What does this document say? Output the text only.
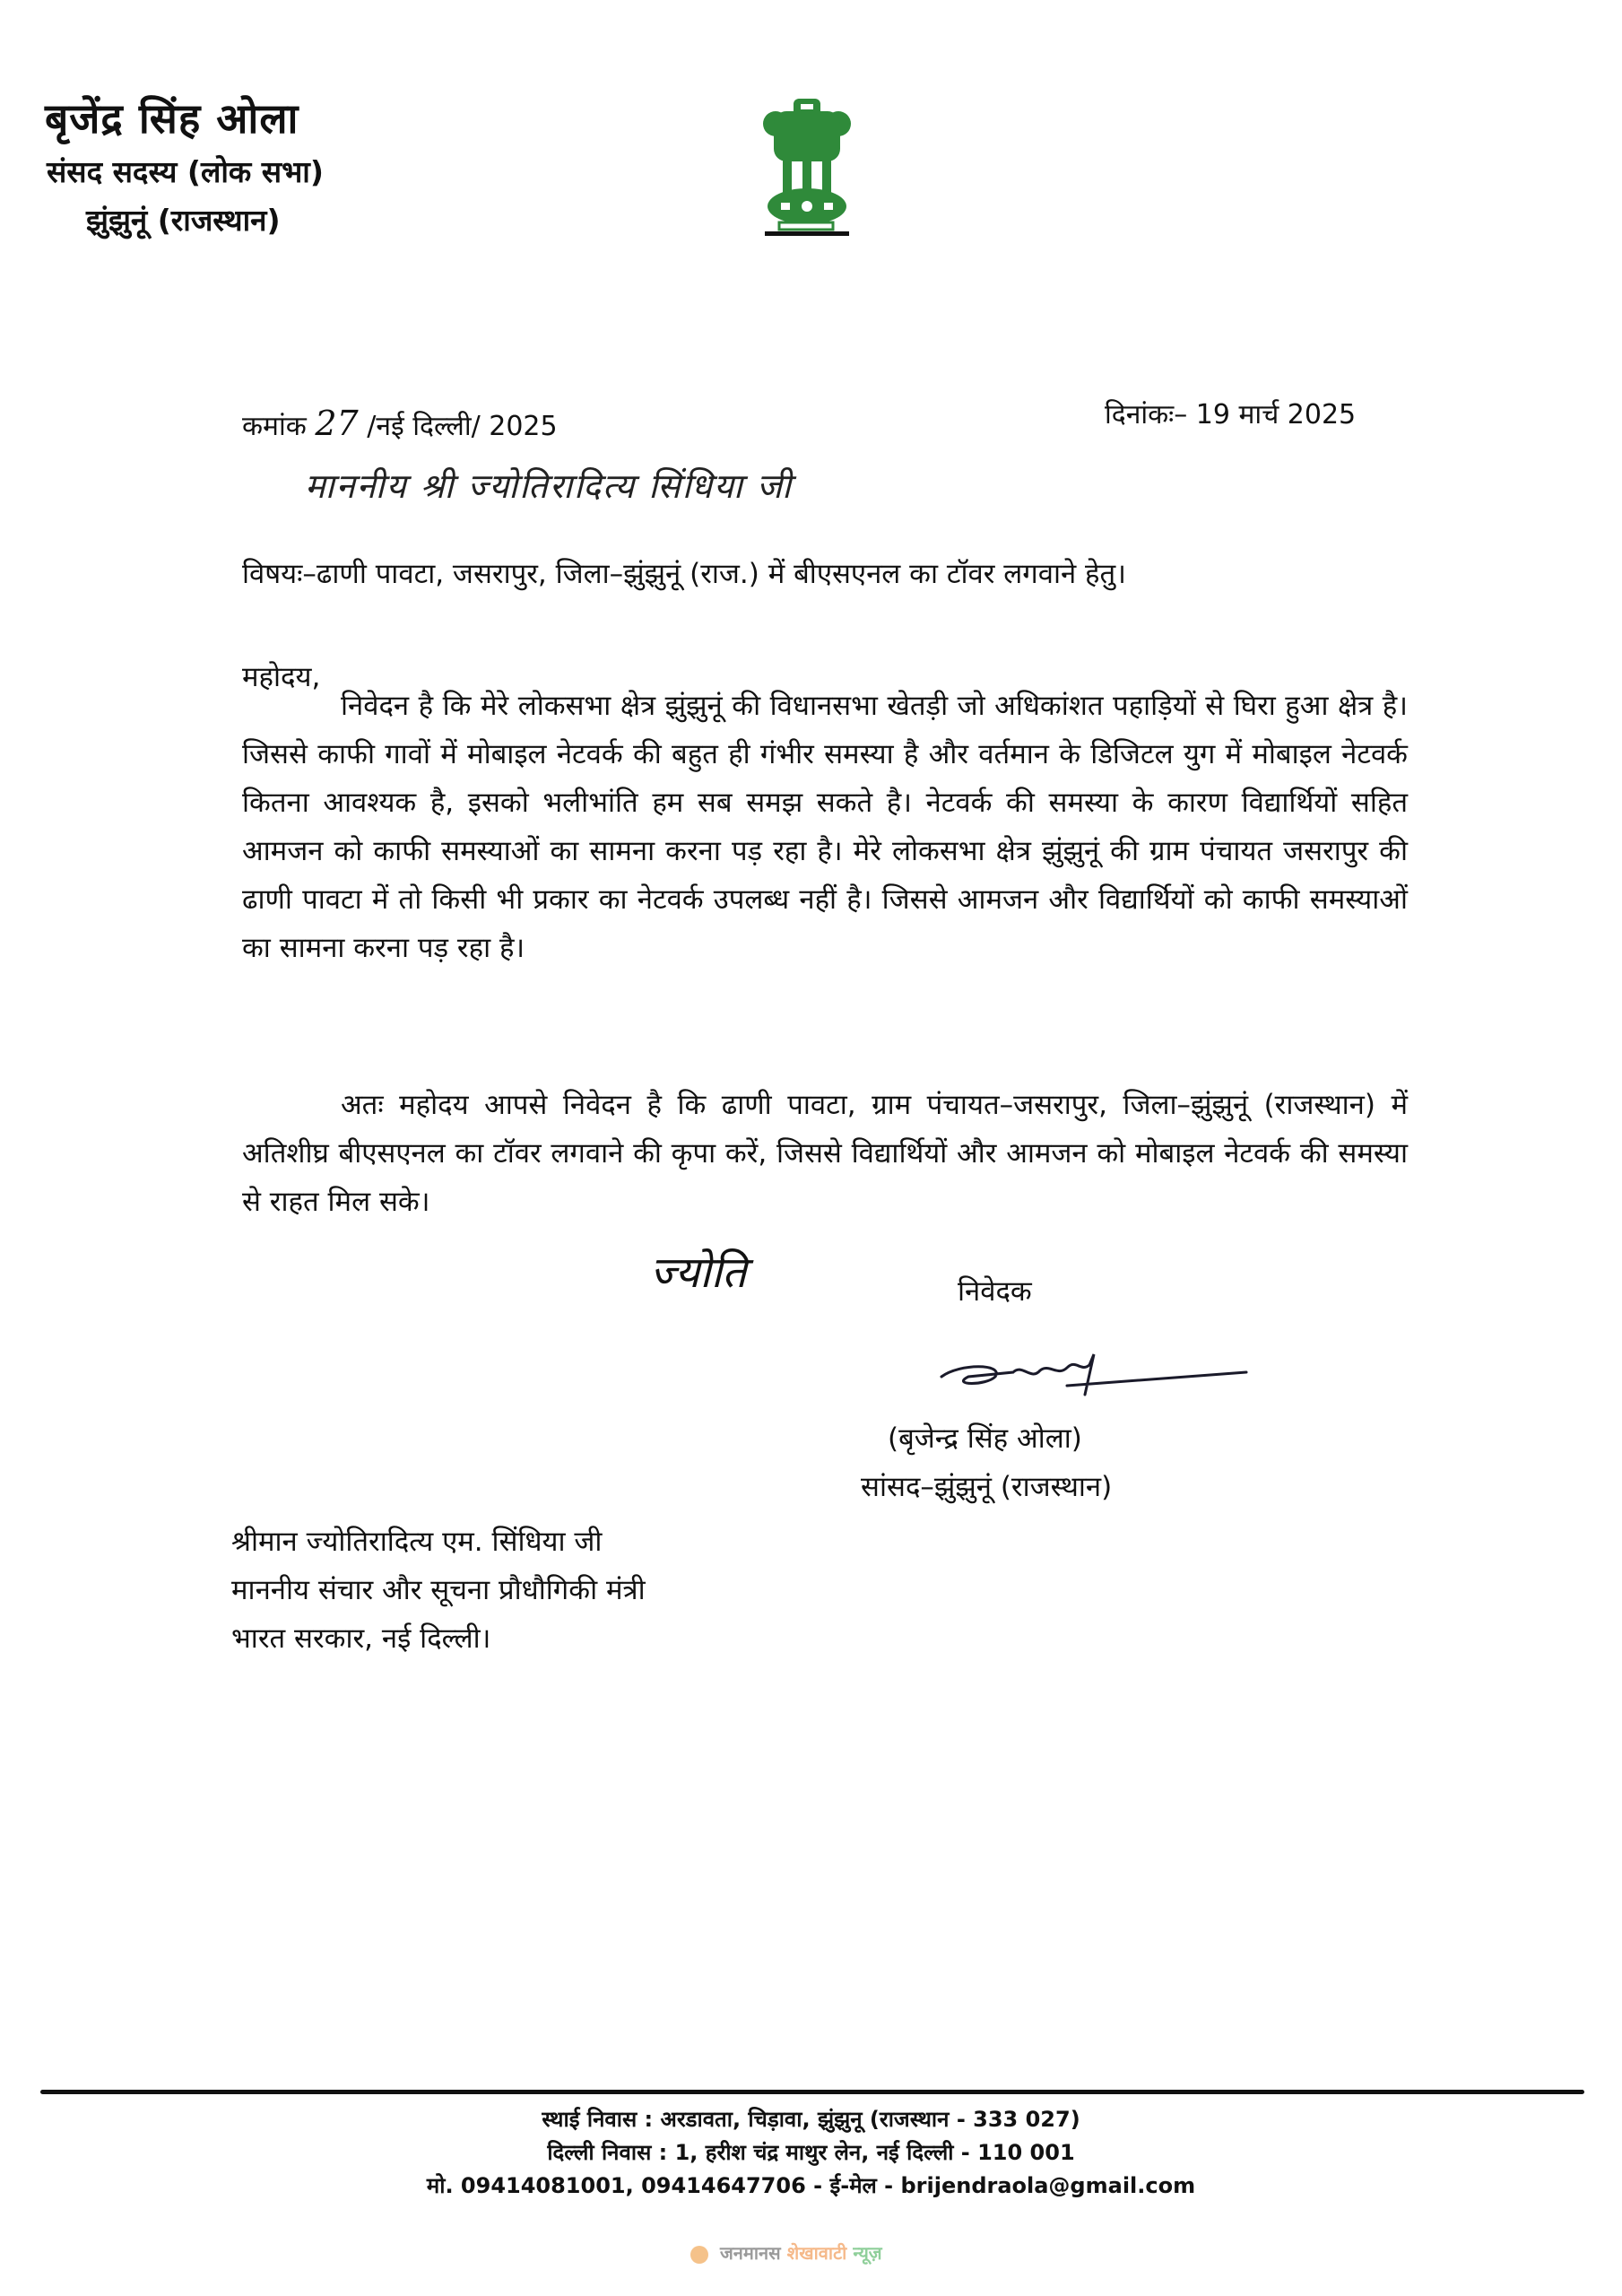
बृजेंद्र सिंह ओला
संसद सदस्य (लोक सभा)
झुंझुनूं (राजस्थान)
कमांक 27 /नई दिल्ली/ 2025	दिनांकः– 19 मार्च 2025
माननीय श्री ज्योतिरादित्य सिंधिया जी
विषयः–ढाणी पावटा, जसरापुर, जिला–झुंझुनूं (राज.) में बीएसएनल का टॉवर लगवाने हेतु।
महोदय,
निवेदन है कि मेरे लोकसभा क्षेत्र झुंझुनूं की विधानसभा खेतड़ी जो अधिकांशत पहाड़ियों से घिरा हुआ क्षेत्र है। जिससे काफी गावों में मोबाइल नेटवर्क की बहुत ही गंभीर समस्या है और वर्तमान के डिजिटल युग में मोबाइल नेटवर्क कितना आवश्यक है, इसको भलीभांति हम सब समझ सकते है। नेटवर्क की समस्या के कारण विद्यार्थियों सहित आमजन को काफी समस्याओं का सामना करना पड़ रहा है। मेरे लोकसभा क्षेत्र झुंझुनूं की ग्राम पंचायत जसरापुर की ढाणी पावटा में तो किसी भी प्रकार का नेटवर्क उपलब्ध नहीं है। जिससे आमजन और विद्यार्थियों को काफी समस्याओं का सामना करना पड़ रहा है।
अतः महोदय आपसे निवेदन है कि ढाणी पावटा, ग्राम पंचायत–जसरापुर, जिला–झुंझुनूं (राजस्थान) में अतिशीघ्र बीएसएनल का टॉवर लगवाने की कृपा करें, जिससे विद्यार्थियों और आमजन को मोबाइल नेटवर्क की समस्या से राहत मिल सके।
ज्योति	निवेदक
(बृजेन्द्र सिंह ओला)
सांसद–झुंझुनूं (राजस्थान)
श्रीमान ज्योतिरादित्य एम. सिंधिया जी
माननीय संचार और सूचना प्रौधौगिकी मंत्री
भारत सरकार, नई दिल्ली।
स्थाई निवास : अरडावता, चिड़ावा, झुंझुनू (राजस्थान - 333 027)
दिल्ली निवास : 1, हरीश चंद्र माथुर लेन, नई दिल्ली - 110 001
मो. 09414081001, 09414647706 - ई-मेल - brijendraola@gmail.com
जनमानस शेखावाटी न्यूज़
